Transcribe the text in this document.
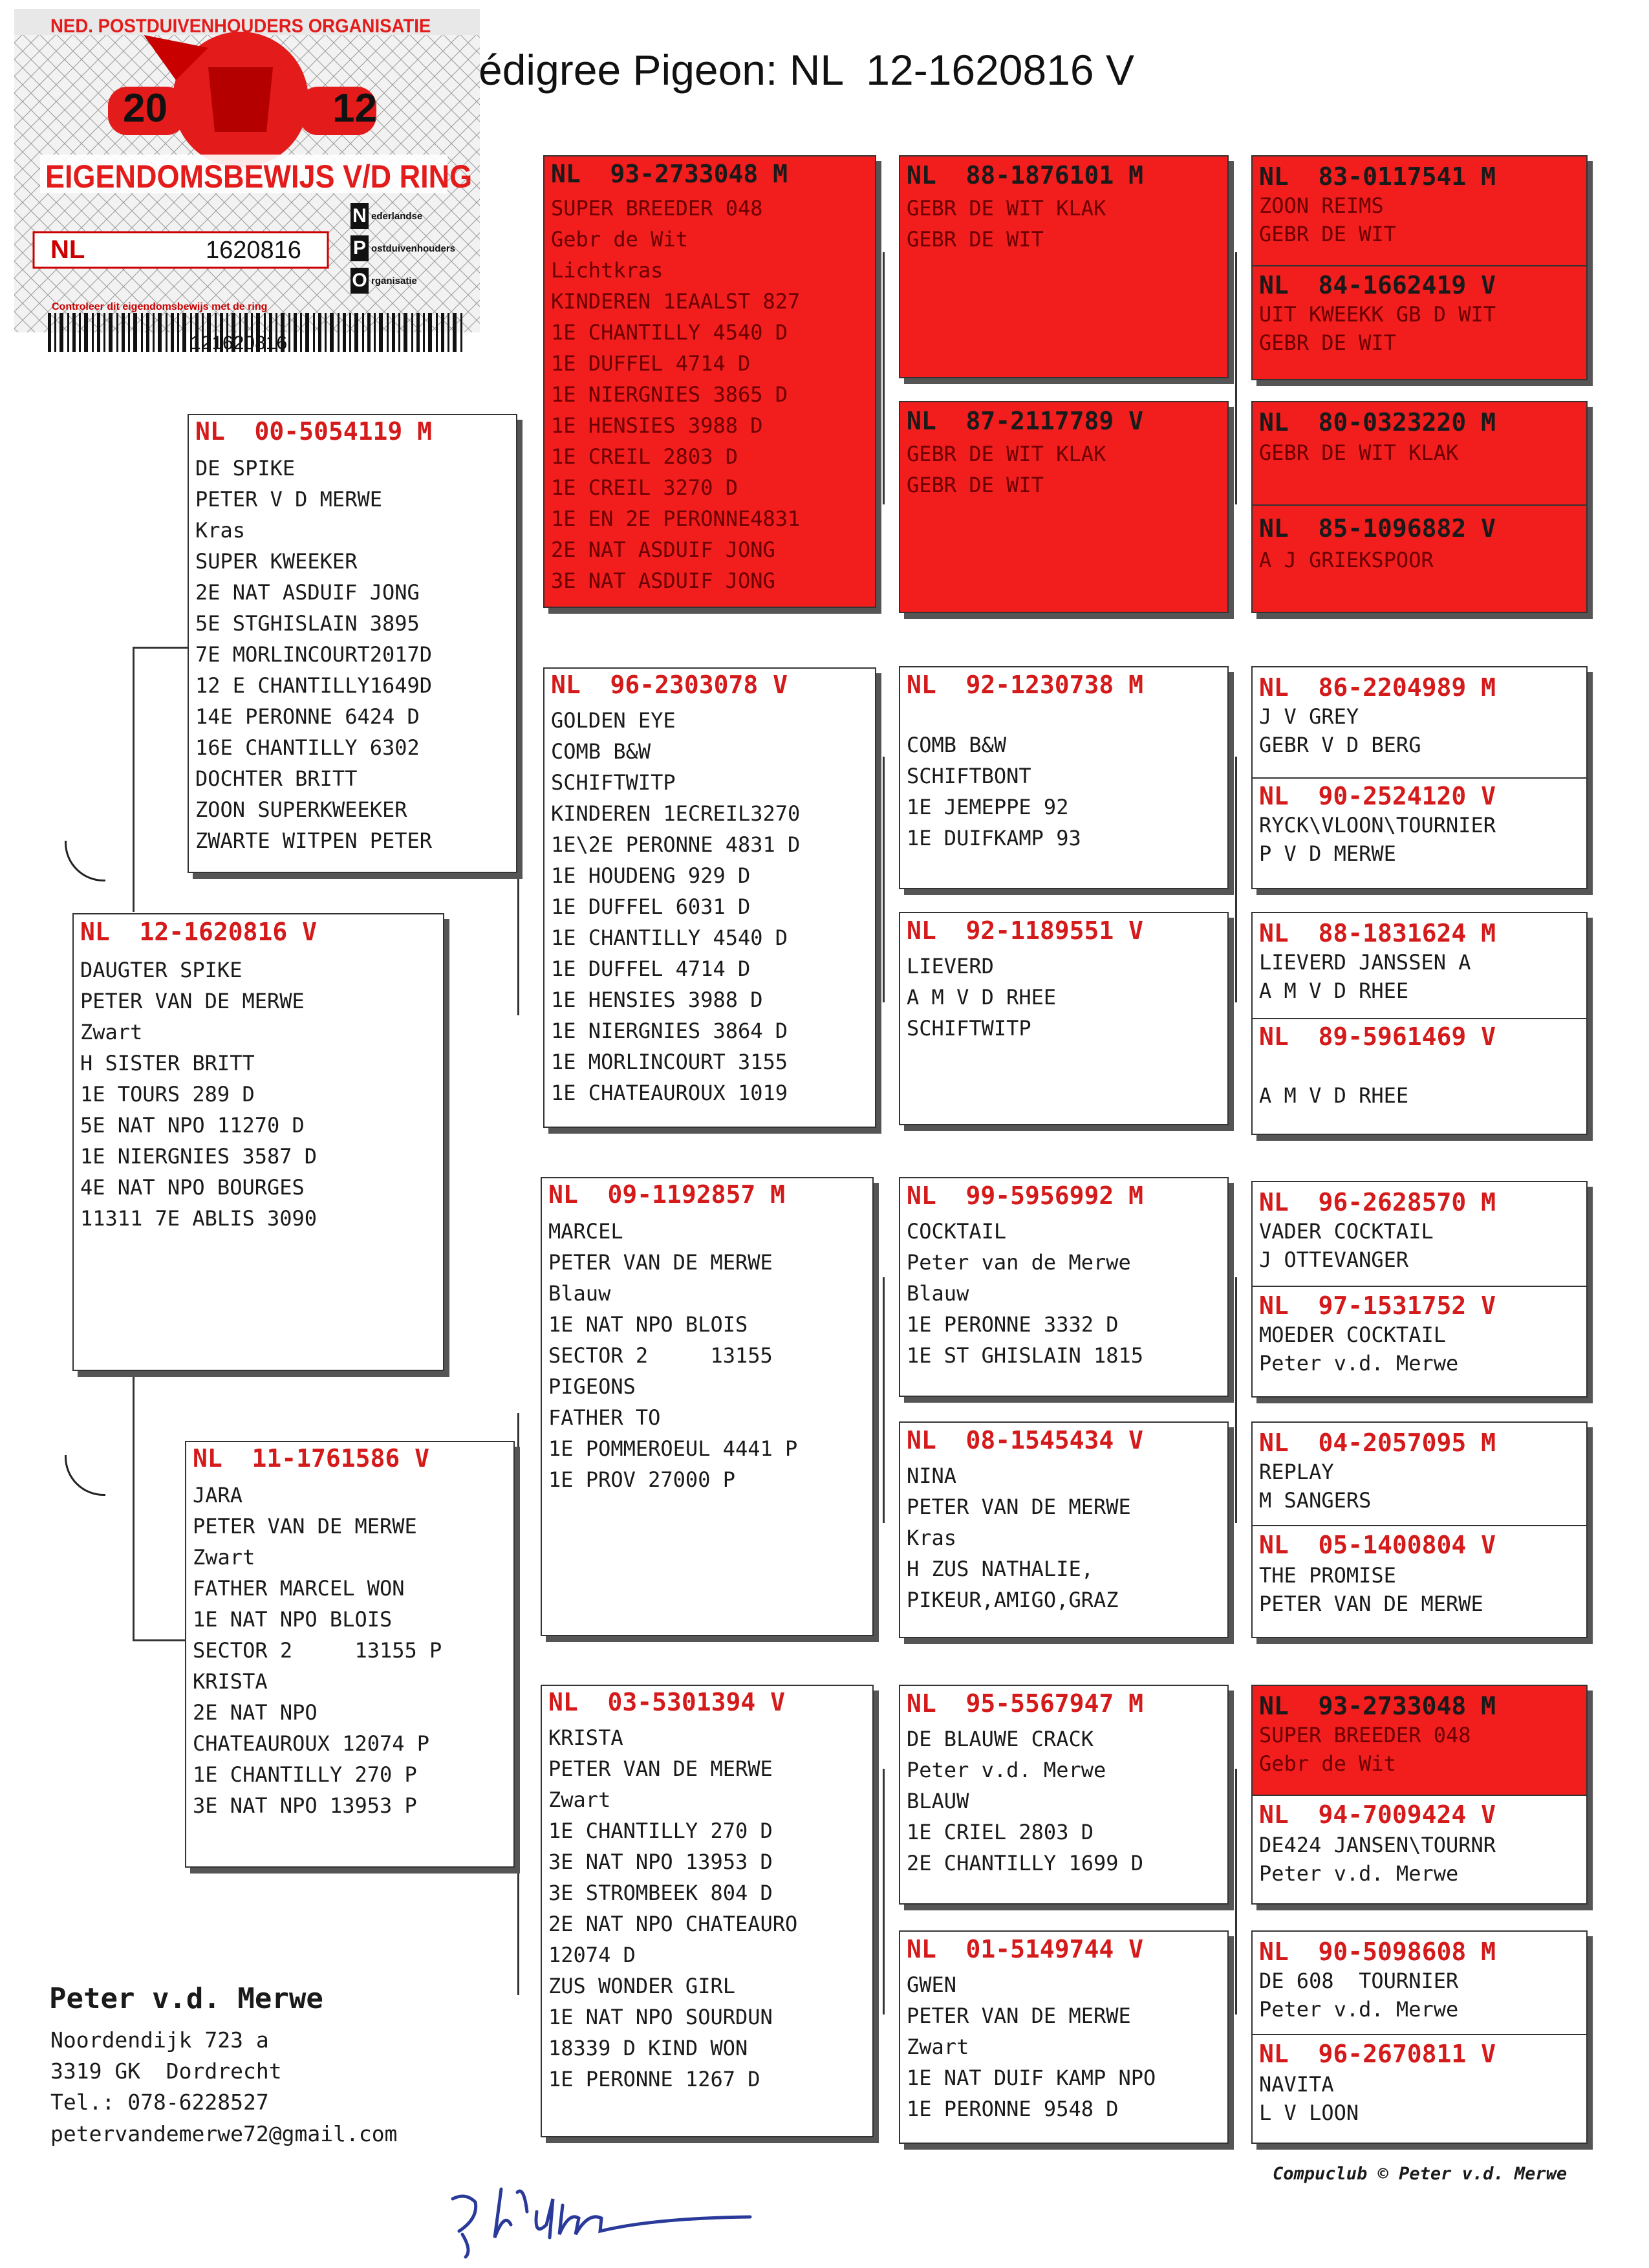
NED. POSTDUIVENHOUDERS ORGANISATIE
20	12
EIGENDOMSBEWIJS V/D RING
NL	1620816
N ederlandse
P ostduivenhouders
O rganisatie
Controleer dit eigendomsbewijs met de ring
121620816
édigree Pigeon: NL  12-1620816 V
NL  12-1620816 V
DAUGTER SPIKE
PETER VAN DE MERWE
Zwart
H SISTER BRITT
1E TOURS 289 D
5E NAT NPO 11270 D
1E NIERGNIES 3587 D
4E NAT NPO BOURGES
11311 7E ABLIS 3090
NL  00-5054119 M
DE SPIKE
PETER V D MERWE
Kras
SUPER KWEEKER
2E NAT ASDUIF JONG
5E STGHISLAIN 3895
7E MORLINCOURT2017D
12 E CHANTILLY1649D
14E PERONNE 6424 D
16E CHANTILLY 6302
DOCHTER BRITT
ZOON SUPERKWEEKER
ZWARTE WITPEN PETER
NL  11-1761586 V
JARA
PETER VAN DE MERWE
Zwart
FATHER MARCEL WON
1E NAT NPO BLOIS
SECTOR 2     13155 P
KRISTA
2E NAT NPO
CHATEAUROUX 12074 P
1E CHANTILLY 270 P
3E NAT NPO 13953 P
NL  93-2733048 M
SUPER BREEDER 048
Gebr de Wit
Lichtkras
KINDEREN 1EAALST 827
1E CHANTILLY 4540 D
1E DUFFEL 4714 D
1E NIERGNIES 3865 D
1E HENSIES 3988 D
1E CREIL 2803 D
1E CREIL 3270 D
1E EN 2E PERONNE4831
2E NAT ASDUIF JONG
3E NAT ASDUIF JONG
NL  96-2303078 V
GOLDEN EYE
COMB B&W
SCHIFTWITP
KINDEREN 1ECREIL3270
1E\2E PERONNE 4831 D
1E HOUDENG 929 D
1E DUFFEL 6031 D
1E CHANTILLY 4540 D
1E DUFFEL 4714 D
1E HENSIES 3988 D
1E NIERGNIES 3864 D
1E MORLINCOURT 3155
1E CHATEAUROUX 1019
NL  09-1192857 M
MARCEL
PETER VAN DE MERWE
Blauw
1E NAT NPO BLOIS
SECTOR 2     13155
PIGEONS
FATHER TO
1E POMMEROEUL 4441 P
1E PROV 27000 P
NL  03-5301394 V
KRISTA
PETER VAN DE MERWE
Zwart
1E CHANTILLY 270 D
3E NAT NPO 13953 D
3E STROMBEEK 804 D
2E NAT NPO CHATEAURO
12074 D
ZUS WONDER GIRL
1E NAT NPO SOURDUN
18339 D KIND WON
1E PERONNE 1267 D
NL  88-1876101 M
GEBR DE WIT KLAK
GEBR DE WIT
NL  87-2117789 V
GEBR DE WIT KLAK
GEBR DE WIT
NL  92-1230738 M
COMB B&W
SCHIFTBONT
1E JEMEPPE 92
1E DUIFKAMP 93
NL  92-1189551 V
LIEVERD
A M V D RHEE
SCHIFTWITP
NL  99-5956992 M
COCKTAIL
Peter van de Merwe
Blauw
1E PERONNE 3332 D
1E ST GHISLAIN 1815
NL  08-1545434 V
NINA
PETER VAN DE MERWE
Kras
H ZUS NATHALIE,
PIKEUR,AMIGO,GRAZ
NL  95-5567947 M
DE BLAUWE CRACK
Peter v.d. Merwe
BLAUW
1E CRIEL 2803 D
2E CHANTILLY 1699 D
NL  01-5149744 V
GWEN
PETER VAN DE MERWE
Zwart
1E NAT DUIF KAMP NPO
1E PERONNE 9548 D
NL  83-0117541 M
ZOON REIMS
GEBR DE WIT
NL  84-1662419 V
UIT KWEEKK GB D WIT
GEBR DE WIT
NL  80-0323220 M
GEBR DE WIT KLAK
NL  85-1096882 V
A J GRIEKSPOOR
NL  86-2204989 M
J V GREY
GEBR V D BERG
NL  90-2524120 V
RYCK\VLOON\TOURNIER
P V D MERWE
NL  88-1831624 M
LIEVERD JANSSEN A
A M V D RHEE
NL  89-5961469 V
A M V D RHEE
NL  96-2628570 M
VADER COCKTAIL
J OTTEVANGER
NL  97-1531752 V
MOEDER COCKTAIL
Peter v.d. Merwe
NL  04-2057095 M
REPLAY
M SANGERS
NL  05-1400804 V
THE PROMISE
PETER VAN DE MERWE
NL  93-2733048 M
SUPER BREEDER 048
Gebr de Wit
NL  94-7009424 V
DE424 JANSEN\TOURNR
Peter v.d. Merwe
NL  90-5098608 M
DE 608  TOURNIER
Peter v.d. Merwe
NL  96-2670811 V
NAVITA
L V LOON
Peter v.d. Merwe
Noordendijk 723 a
3319 GK  Dordrecht
Tel.: 078-6228527
petervandemerwe72@gmail.com
Compuclub © Peter v.d. Merwe
